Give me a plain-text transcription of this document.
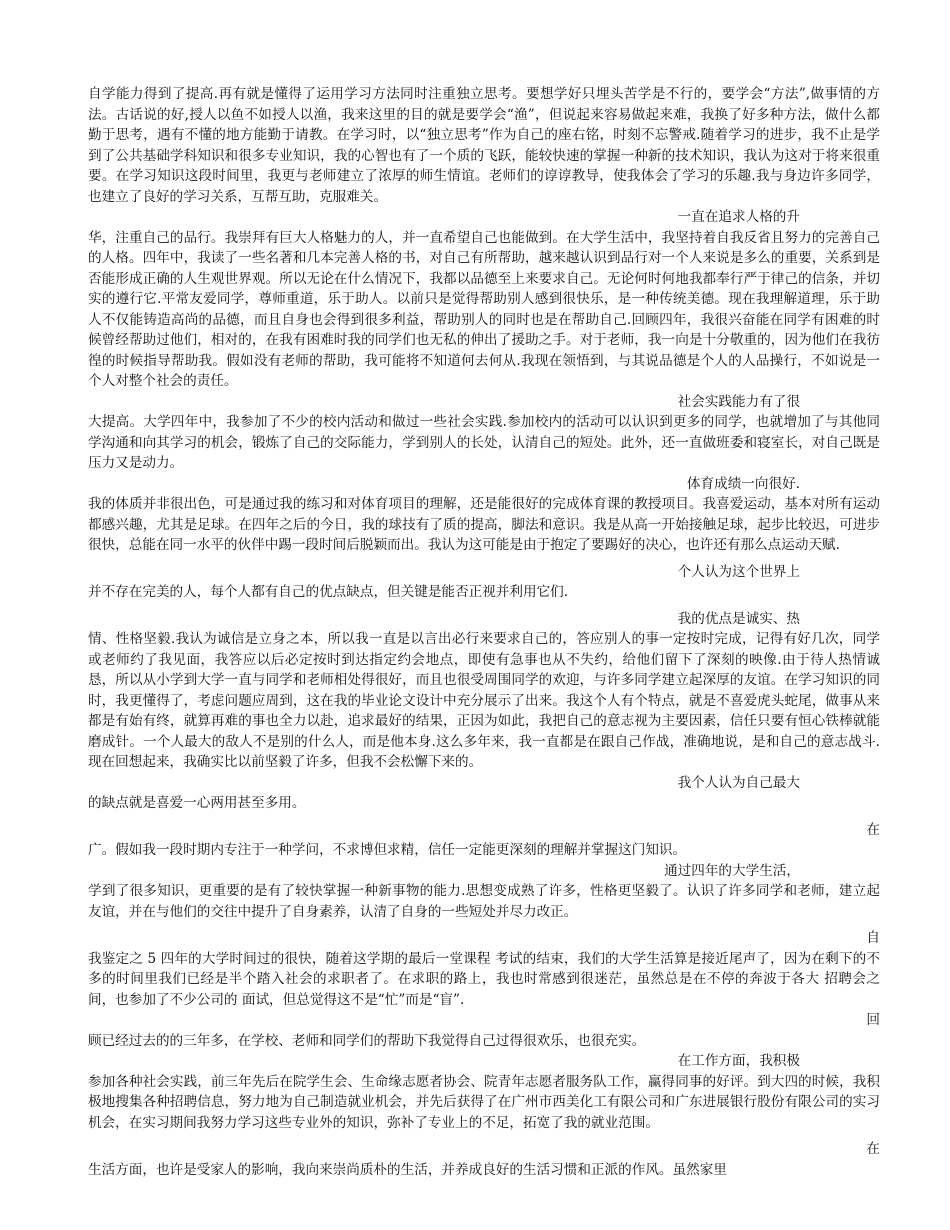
自学能力得到了提高.再有就是懂得了运用学习方法同时注重独立思考。要想学好只埋头苦学是不行的，要学会“方法”,做事情的方法。古话说的好,授人以鱼不如授人以渔，我来这里的目的就是要学会“渔”，但说起来容易做起来难，我换了好多种方法，做什么都勤于思考，遇有不懂的地方能勤于请教。在学习时，以“独立思考”作为自己的座右铭，时刻不忘警戒.随着学习的进步，我不止是学到了公共基础学科知识和很多专业知识，我的心智也有了一个质的飞跃，能较快速的掌握一种新的技术知识，我认为这对于将来很重要。在学习知识这段时间里，我更与老师建立了浓厚的师生情谊。老师们的谆谆教导，使我体会了学习的乐趣.我与身边许多同学，也建立了良好的学习关系，互帮互助，克服难关。

一直在追求人格的升

华，注重自己的品行。我崇拜有巨大人格魅力的人，并一直希望自己也能做到。在大学生活中，我坚持着自我反省且努力的完善自己的人格。四年中，我读了一些名著和几本完善人格的书，对自己有所帮助，越来越认识到品行对一个人来说是多么的重要，关系到是否能形成正确的人生观世界观。所以无论在什么情况下，我都以品德至上来要求自己。无论何时何地我都奉行严于律己的信条，并切实的遵行它.平常友爱同学，尊师重道，乐于助人。以前只是觉得帮助别人感到很快乐，是一种传统美德。现在我理解道理，乐于助人不仅能铸造高尚的品德，而且自身也会得到很多利益，帮助别人的同时也是在帮助自己.回顾四年，我很兴奋能在同学有困难的时候曾经帮助过他们，相对的，在我有困难时我的同学们也无私的伸出了援助之手。对于老师，我一向是十分敬重的，因为他们在我彷徨的时候指导帮助我。假如没有老师的帮助，我可能将不知道何去何从.我现在领悟到，与其说品德是个人的人品操行，不如说是一个人对整个社会的责任。

社会实践能力有了很

大提高。大学四年中，我参加了不少的校内活动和做过一些社会实践.参加校内的活动可以认识到更多的同学，也就增加了与其他同学沟通和向其学习的机会，锻炼了自己的交际能力，学到别人的长处，认清自己的短处。此外，还一直做班委和寝室长，对自己既是压力又是动力。

体育成绩一向很好.

我的体质并非很出色，可是通过我的练习和对体育项目的理解，还是能很好的完成体育课的教授项目。我喜爱运动，基本对所有运动都感兴趣，尤其是足球。在四年之后的今日，我的球技有了质的提高，脚法和意识。我是从高一开始接触足球，起步比较迟，可进步很快，总能在同一水平的伙伴中踢一段时间后脱颖而出。我认为这可能是由于抱定了要踢好的决心，也许还有那么点运动天赋.

个人认为这个世界上

并不存在完美的人，每个人都有自己的优点缺点，但关键是能否正视并利用它们.

我的优点是诚实、热

情、性格坚毅.我认为诚信是立身之本，所以我一直是以言出必行来要求自己的，答应别人的事一定按时完成，记得有好几次，同学或老师约了我见面，我答应以后必定按时到达指定约会地点，即使有急事也从不失约，给他们留下了深刻的映像.由于待人热情诚恳，所以从小学到大学一直与同学和老师相处得很好，而且也很受周围同学的欢迎，与许多同学建立起深厚的友谊。在学习知识的同时，我更懂得了，考虑问题应周到，这在我的毕业论文设计中充分展示了出来。我这个人有个特点，就是不喜爱虎头蛇尾，做事从来都是有始有终，就算再难的事也全力以赴，追求最好的结果，正因为如此，我把自己的意志视为主要因素，信任只要有恒心铁棒就能磨成针。一个人最大的敌人不是别的什么人，而是他本身.这么多年来，我一直都是在跟自己作战，准确地说，是和自己的意志战斗.现在回想起来，我确实比以前坚毅了许多，但我不会松懈下来的。

我个人认为自己最大

的缺点就是喜爱一心两用甚至多用。

在

广。假如我一段时期内专注于一种学问，不求博但求精，信任一定能更深刻的理解并掌握这门知识。

通过四年的大学生活，

学到了很多知识，更重要的是有了较快掌握一种新事物的能力.思想变成熟了许多，性格更坚毅了。认识了许多同学和老师，建立起友谊，并在与他们的交往中提升了自身素养，认清了自身的一些短处并尽力改正。

自

我鉴定之 5 四年的大学时间过的很快，随着这学期的最后一堂课程 考试的结束，我们的大学生活算是接近尾声了，因为在剩下的不多的时间里我们已经是半个踏入社会的求职者了。在求职的路上，我也时常感到很迷茫，虽然总是在不停的奔波于各大 招聘会之间，也参加了不少公司的 面试，但总觉得这不是“忙”而是“盲”.

回

顾已经过去的的三年多，在学校、老师和同学们的帮助下我觉得自己过得很欢乐，也很充实。

在工作方面，我积极

参加各种社会实践，前三年先后在院学生会、生命缘志愿者协会、院青年志愿者服务队工作，赢得同事的好评。到大四的时候，我积极地搜集各种招聘信息，努力地为自己制造就业机会，并先后获得了在广州市西美化工有限公司和广东进展银行股份有限公司的实习机会，在实习期间我努力学习这些专业外的知识，弥补了专业上的不足，拓宽了我的就业范围。

在

生活方面，也许是受家人的影响，我向来崇尚质朴的生活，并养成良好的生活习惯和正派的作风。虽然家里
